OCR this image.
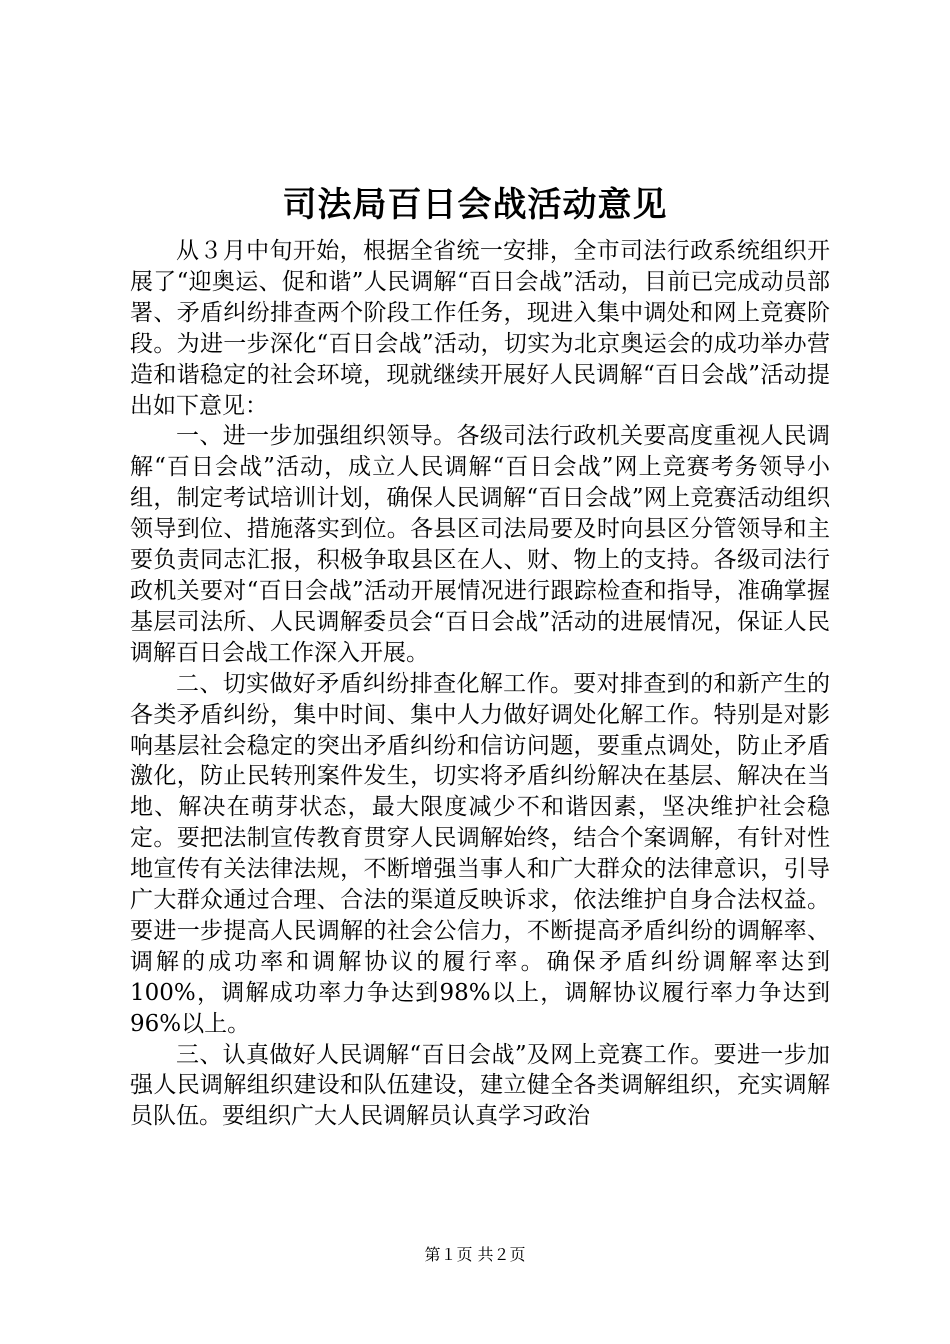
司法局百日会战活动意见

从３月中旬开始，根据全省统一安排，全市司法行政系统组织开展了“迎奥运、促和谐”人民调解“百日会战”活动，目前已完成动员部署、矛盾纠纷排查两个阶段工作任务，现进入集中调处和网上竞赛阶段。为进一步深化“百日会战”活动，切实为北京奥运会的成功举办营造和谐稳定的社会环境，现就继续开展好人民调解“百日会战”活动提出如下意见：

一、进一步加强组织领导。各级司法行政机关要高度重视人民调解“百日会战”活动，成立人民调解“百日会战”网上竞赛考务领导小组，制定考试培训计划，确保人民调解“百日会战”网上竞赛活动组织领导到位、措施落实到位。各县区司法局要及时向县区分管领导和主要负责同志汇报，积极争取县区在人、财、物上的支持。各级司法行政机关要对“百日会战”活动开展情况进行跟踪检查和指导，准确掌握基层司法所、人民调解委员会“百日会战”活动的进展情况，保证人民调解百日会战工作深入开展。

二、切实做好矛盾纠纷排查化解工作。要对排查到的和新产生的各类矛盾纠纷，集中时间、集中人力做好调处化解工作。特别是对影响基层社会稳定的突出矛盾纠纷和信访问题，要重点调处，防止矛盾激化，防止民转刑案件发生，切实将矛盾纠纷解决在基层、解决在当地、解决在萌芽状态，最大限度减少不和谐因素，坚决维护社会稳定。要把法制宣传教育贯穿人民调解始终，结合个案调解，有针对性地宣传有关法律法规，不断增强当事人和广大群众的法律意识，引导广大群众通过合理、合法的渠道反映诉求，依法维护自身合法权益。要进一步提高人民调解的社会公信力，不断提高矛盾纠纷的调解率、调解的成功率和调解协议的履行率。确保矛盾纠纷调解率达到100%，调解成功率力争达到98%以上，调解协议履行率力争达到96%以上。

三、认真做好人民调解“百日会战”及网上竞赛工作。要进一步加强人民调解组织建设和队伍建设，建立健全各类调解组织，充实调解员队伍。要组织广大人民调解员认真学习政治

第１页 共２页
